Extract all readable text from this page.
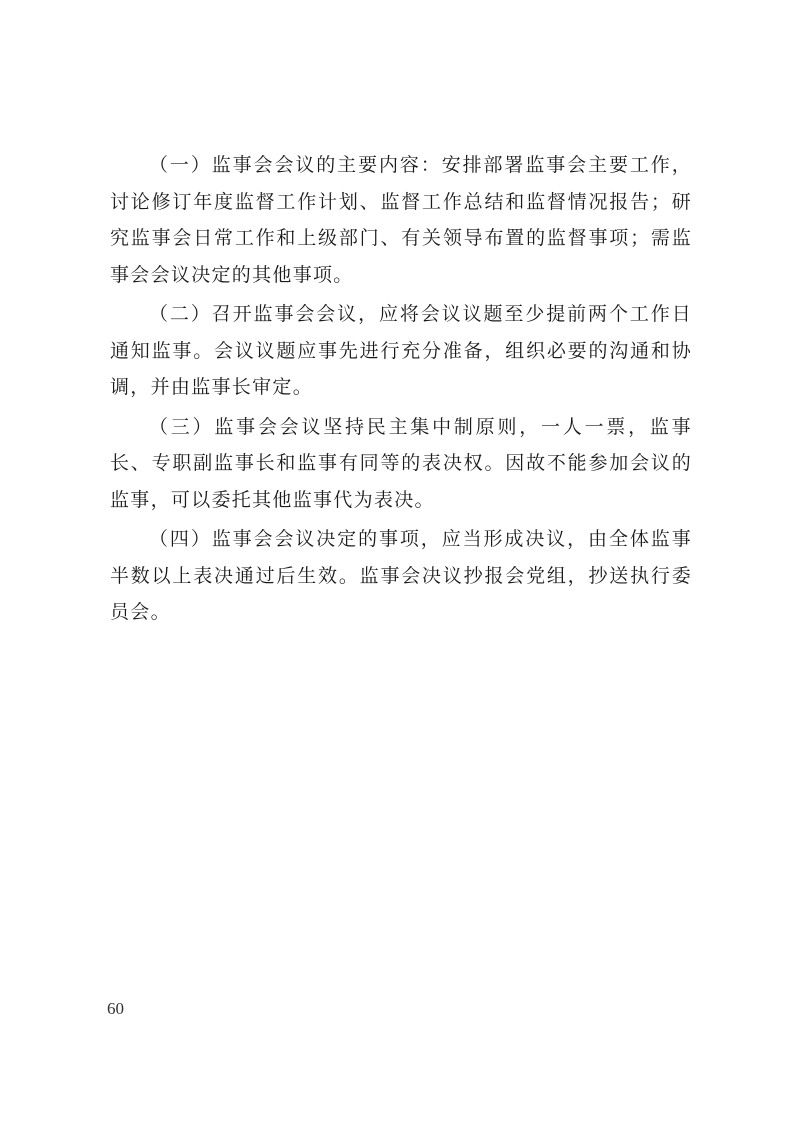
（一）监事会会议的主要内容：安排部署监事会主要工作，讨论修订年度监督工作计划、监督工作总结和监督情况报告；研究监事会日常工作和上级部门、有关领导布置的监督事项；需监事会会议决定的其他事项。

（二）召开监事会会议，应将会议议题至少提前两个工作日通知监事。会议议题应事先进行充分准备，组织必要的沟通和协调，并由监事长审定。

（三）监事会会议坚持民主集中制原则，一人一票，监事长、专职副监事长和监事有同等的表决权。因故不能参加会议的监事，可以委托其他监事代为表决。

（四）监事会会议决定的事项，应当形成决议，由全体监事半数以上表决通过后生效。监事会决议抄报会党组，抄送执行委员会。

60
